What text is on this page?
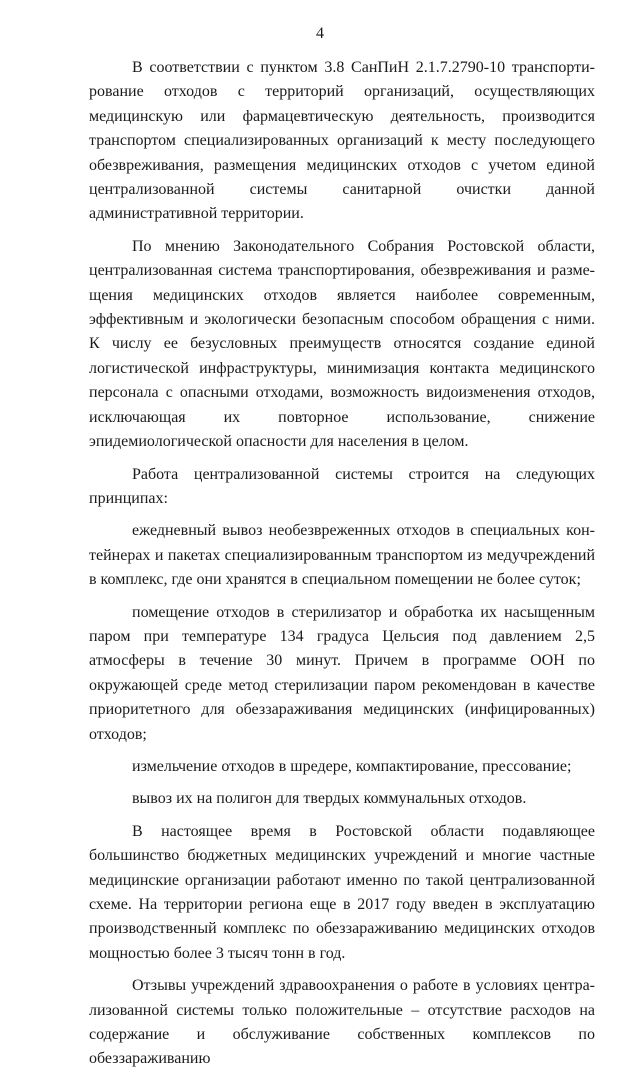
4

В соответствии с пунктом 3.8 СанПиН 2.1.7.2790-10 транспортирование отходов с территорий организаций, осуществляющих медицинскую или фармацевтическую деятельность, производится транспортом специализированных организаций к месту последующего обезвреживания, размещения медицинских отходов с учетом единой централизованной системы санитарной очистки данной административной территории.

По мнению Законодательного Собрания Ростовской области, централизованная система транспортирования, обезвреживания и размещения медицинских отходов является наиболее современным, эффективным и экологически безопасным способом обращения с ними. К числу ее безусловных преимуществ относятся создание единой логистической инфраструктуры, минимизация контакта медицинского персонала с опасными отходами, возможность видоизменения отходов, исключающая их повторное использование, снижение эпидемиологической опасности для населения в целом.

Работа централизованной системы строится на следующих принципах:

ежедневный вывоз необезвреженных отходов в специальных контейнерах и пакетах специализированным транспортом из медучреждений в комплекс, где они хранятся в специальном помещении не более суток;

помещение отходов в стерилизатор и обработка их насыщенным паром при температуре 134 градуса Цельсия под давлением 2,5 атмосферы в течение 30 минут. Причем в программе ООН по окружающей среде метод стерилизации паром рекомендован в качестве приоритетного для обеззараживания медицинских (инфицированных) отходов;

измельчение отходов в шредере, компактирование, прессование;

вывоз их на полигон для твердых коммунальных отходов.

В настоящее время в Ростовской области подавляющее большинство бюджетных медицинских учреждений и многие частные медицинские организации работают именно по такой централизованной схеме. На территории региона еще в 2017 году введен в эксплуатацию производственный комплекс по обеззараживанию медицинских отходов мощностью более 3 тысяч тонн в год.

Отзывы учреждений здравоохранения о работе в условиях централизованной системы только положительные – отсутствие расходов на содержание и обслуживание собственных комплексов по обеззараживанию
